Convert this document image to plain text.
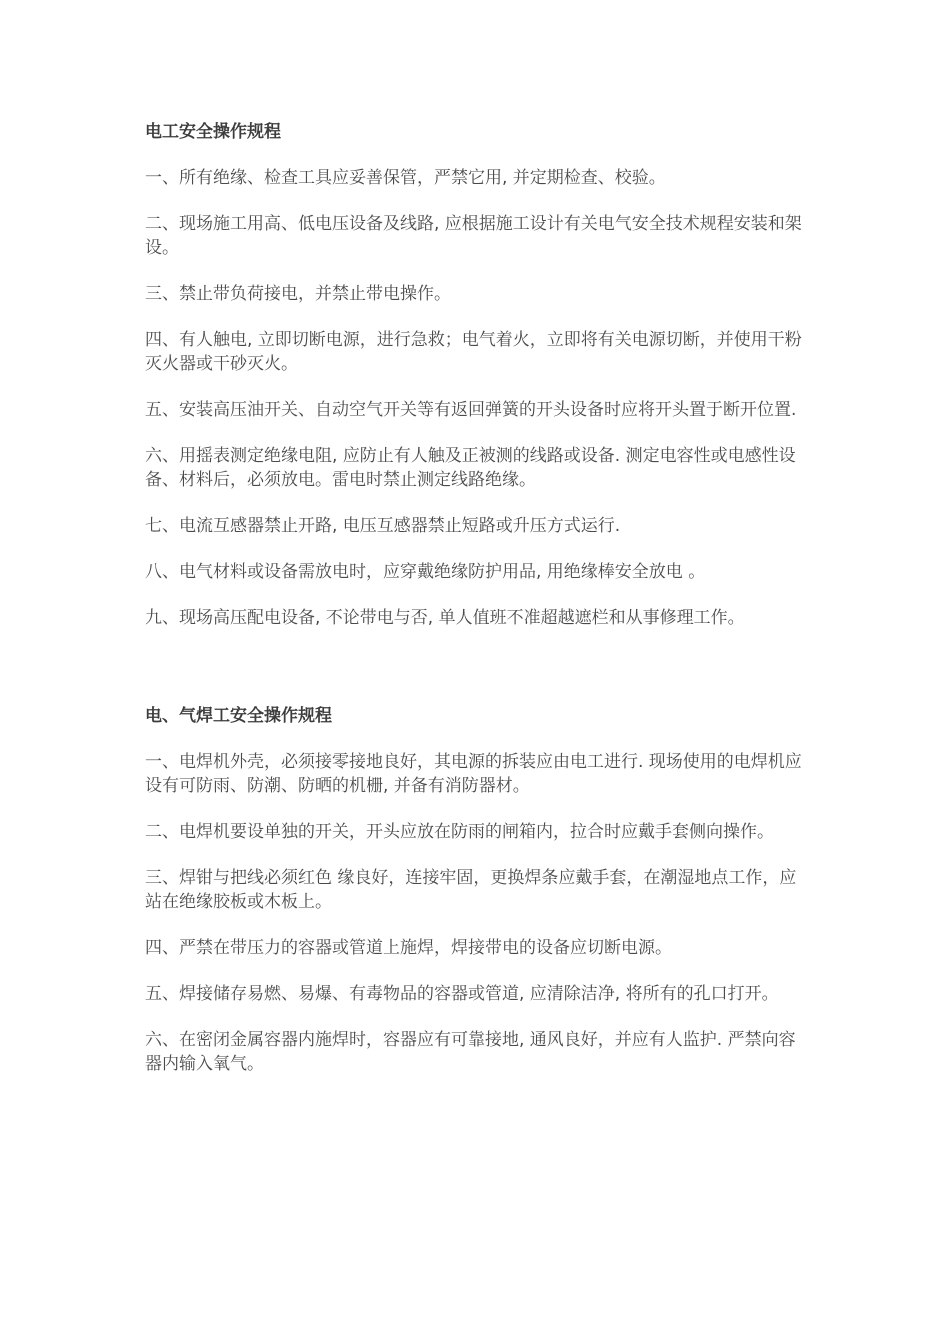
电工安全操作规程
一、所有绝缘、检查工具应妥善保管，严禁它用, 并定期检查、校验。
二、现场施工用高、低电压设备及线路, 应根据施工设计有关电气安全技术规程安装和架设。
三、禁止带负荷接电，并禁止带电操作。
四、有人触电, 立即切断电源，进行急救；电气着火，立即将有关电源切断，并使用干粉灭火器或干砂灭火。
五、安装高压油开关、自动空气开关等有返回弹簧的开头设备时应将开头置于断开位置.
六、用摇表测定绝缘电阻, 应防止有人触及正被测的线路或设备. 测定电容性或电感性设备、材料后，必须放电。雷电时禁止测定线路绝缘。
七、电流互感器禁止开路, 电压互感器禁止短路或升压方式运行.
八、电气材料或设备需放电时，应穿戴绝缘防护用品, 用绝缘棒安全放电 。
九、现场高压配电设备, 不论带电与否, 单人值班不准超越遮栏和从事修理工作。
电、气焊工安全操作规程
一、电焊机外壳，必须接零接地良好，其电源的拆装应由电工进行. 现场使用的电焊机应设有可防雨、防潮、防晒的机栅, 并备有消防器材。
二、电焊机要设单独的开关，开头应放在防雨的闸箱内，拉合时应戴手套侧向操作。
三、焊钳与把线必须红色 缘良好，连接牢固，更换焊条应戴手套，在潮湿地点工作，应站在绝缘胶板或木板上。
四、严禁在带压力的容器或管道上施焊，焊接带电的设备应切断电源。
五、焊接储存易燃、易爆、有毒物品的容器或管道, 应清除洁净, 将所有的孔口打开。
六、在密闭金属容器内施焊时，容器应有可靠接地, 通风良好，并应有人监护. 严禁向容器内输入氧气。
